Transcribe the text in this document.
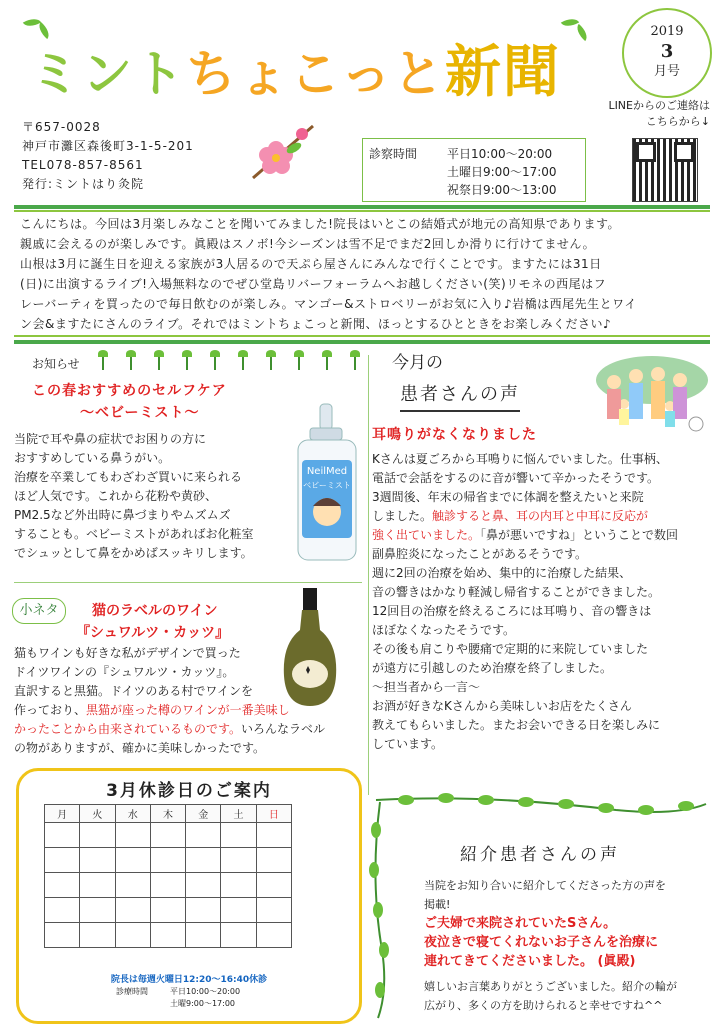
ミントちょこっと新聞
2019
3
月号
LINEからのご連絡は
こちらから↓
〒657-0028
神戸市灘区森後町3-1-5-201
TEL078-857-8561
発行:ミントはり灸院
診察時間 平日10:00～20:00
土曜日9:00～17:00
祝祭日9:00～13:00
こんにちは。今回は3月楽しみなことを聞いてみました!院長はいとこの結婚式が地元の高知県であります。
親戚に会えるのが楽しみです。眞殿はスノボ!今シーズンは雪不足でまだ2回しか滑りに行けてません。
山根は3月に誕生日を迎える家族が3人居るので天ぷら屋さんにみんなで行くことです。ますたには31日
(日)に出演するライブ!入場無料なのでぜひ堂島リバーフォーラムへお越しください(笑)リモネの西尾はフ
レーバーティを買ったので毎日飲むのが楽しみ。マンゴー&ストロベリーがお気に入り♪岩橋は西尾先生とワイ
ン会&ますたにさんのライブ。それではミントちょこっと新聞、ほっとするひとときをお楽しみください♪
お知らせ
この春おすすめのセルフケア
～ベビーミスト～
当院で耳や鼻の症状でお困りの方に
おすすめしている鼻うがい。
治療を卒業してもわざわざ買いに来られる
ほど人気です。これから花粉や黄砂、
PM2.5など外出時に鼻づまりやムズムズ
することも。ベビーミストがあればお化粧室
でシュッとして鼻をかめばスッキリします。
NeilMed
ベビーミスト
小ネタ	猫のラベルのワイン
『シュワルツ・カッツ』
猫もワインも好きな私がデザインで買った
ドイツワインの『シュワルツ・カッツ』。
直訳すると黒猫。ドイツのある村でワインを
作っており、黒猫が座った樽のワインが一番美味し
かったことから由来されているものです。いろんなラベル
の物がありますが、確かに美味しかったです。
3月休診日のご案内
月	火	水	木	金	土	日

院長は毎週火曜日12:20～16:40休診
診療時間	平日10:00～20:00
土曜9:00～17:00
今月の
患者さんの声
耳鳴りがなくなりました
Kさんは夏ごろから耳鳴りに悩んでいました。仕事柄、
電話で会話をするのに音が響いて辛かったそうです。
3週間後、年末の帰省までに体調を整えたいと来院
しました。触診すると鼻、耳の内耳と中耳に反応が
強く出ていました。「鼻が悪いですね」ということで数回
副鼻腔炎になったことがあるそうです。
週に2回の治療を始め、集中的に治療した結果、
音の響きはかなり軽減し帰省することができました。
12回目の治療を終えるころには耳鳴り、音の響きは
ほぼなくなったそうです。
その後も肩こりや腰痛で定期的に来院していました
が遠方に引越しのため治療を終了しました。
～担当者から一言～
お酒が好きなKさんから美味しいお店をたくさん
教えてもらいました。またお会いできる日を楽しみに
しています。
紹介患者さんの声
当院をお知り合いに紹介してくださった方の声を
掲載!
ご夫婦で来院されていたSさん。
夜泣きで寝てくれないお子さんを治療に
連れてきてくださいました。 (眞殿)
嬉しいお言葉ありがとうございました。紹介の輪が
広がり、多くの方を助けられると幸せですね^^
